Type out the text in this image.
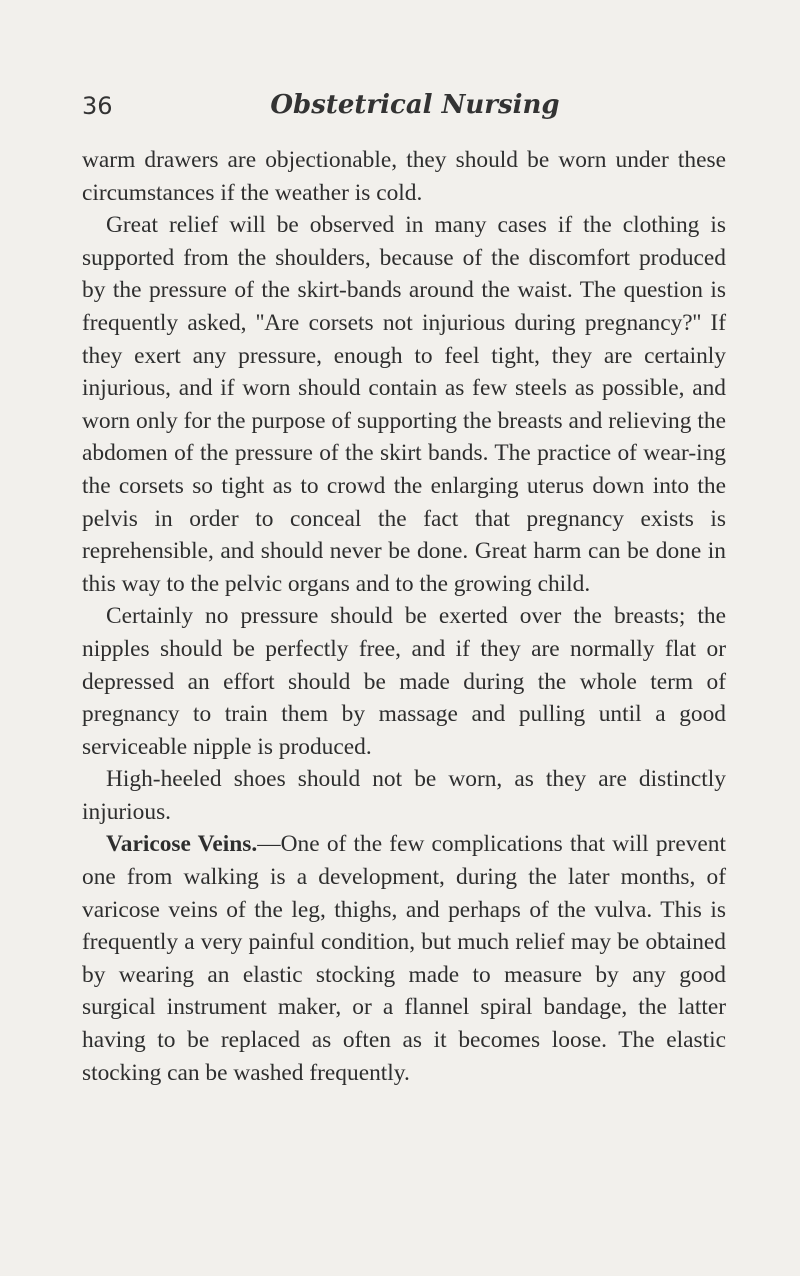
36	Obstetrical Nursing

warm drawers are objectionable, they should be worn under these circumstances if the weather is cold.

Great relief will be observed in many cases if the clothing is supported from the shoulders, because of the discomfort produced by the pressure of the skirt-bands around the waist. The question is frequently asked, ''Are corsets not injurious during pregnancy?'' If they exert any pressure, enough to feel tight, they are certainly injurious, and if worn should contain as few steels as possible, and worn only for the purpose of supporting the breasts and relieving the abdomen of the pressure of the skirt bands. The practice of wear-ing the corsets so tight as to crowd the enlarging uterus down into the pelvis in order to conceal the fact that pregnancy exists is reprehensible, and should never be done. Great harm can be done in this way to the pelvic organs and to the growing child.

Certainly no pressure should be exerted over the breasts; the nipples should be perfectly free, and if they are normally flat or depressed an effort should be made during the whole term of pregnancy to train them by massage and pulling until a good serviceable nipple is produced.

High-heeled shoes should not be worn, as they are distinctly injurious.

Varicose Veins.—One of the few complications that will prevent one from walking is a development, during the later months, of varicose veins of the leg, thighs, and perhaps of the vulva. This is frequently a very painful condition, but much relief may be obtained by wearing an elastic stocking made to measure by any good surgical instrument maker, or a flannel spiral bandage, the latter having to be replaced as often as it becomes loose. The elastic stocking can be washed frequently.
